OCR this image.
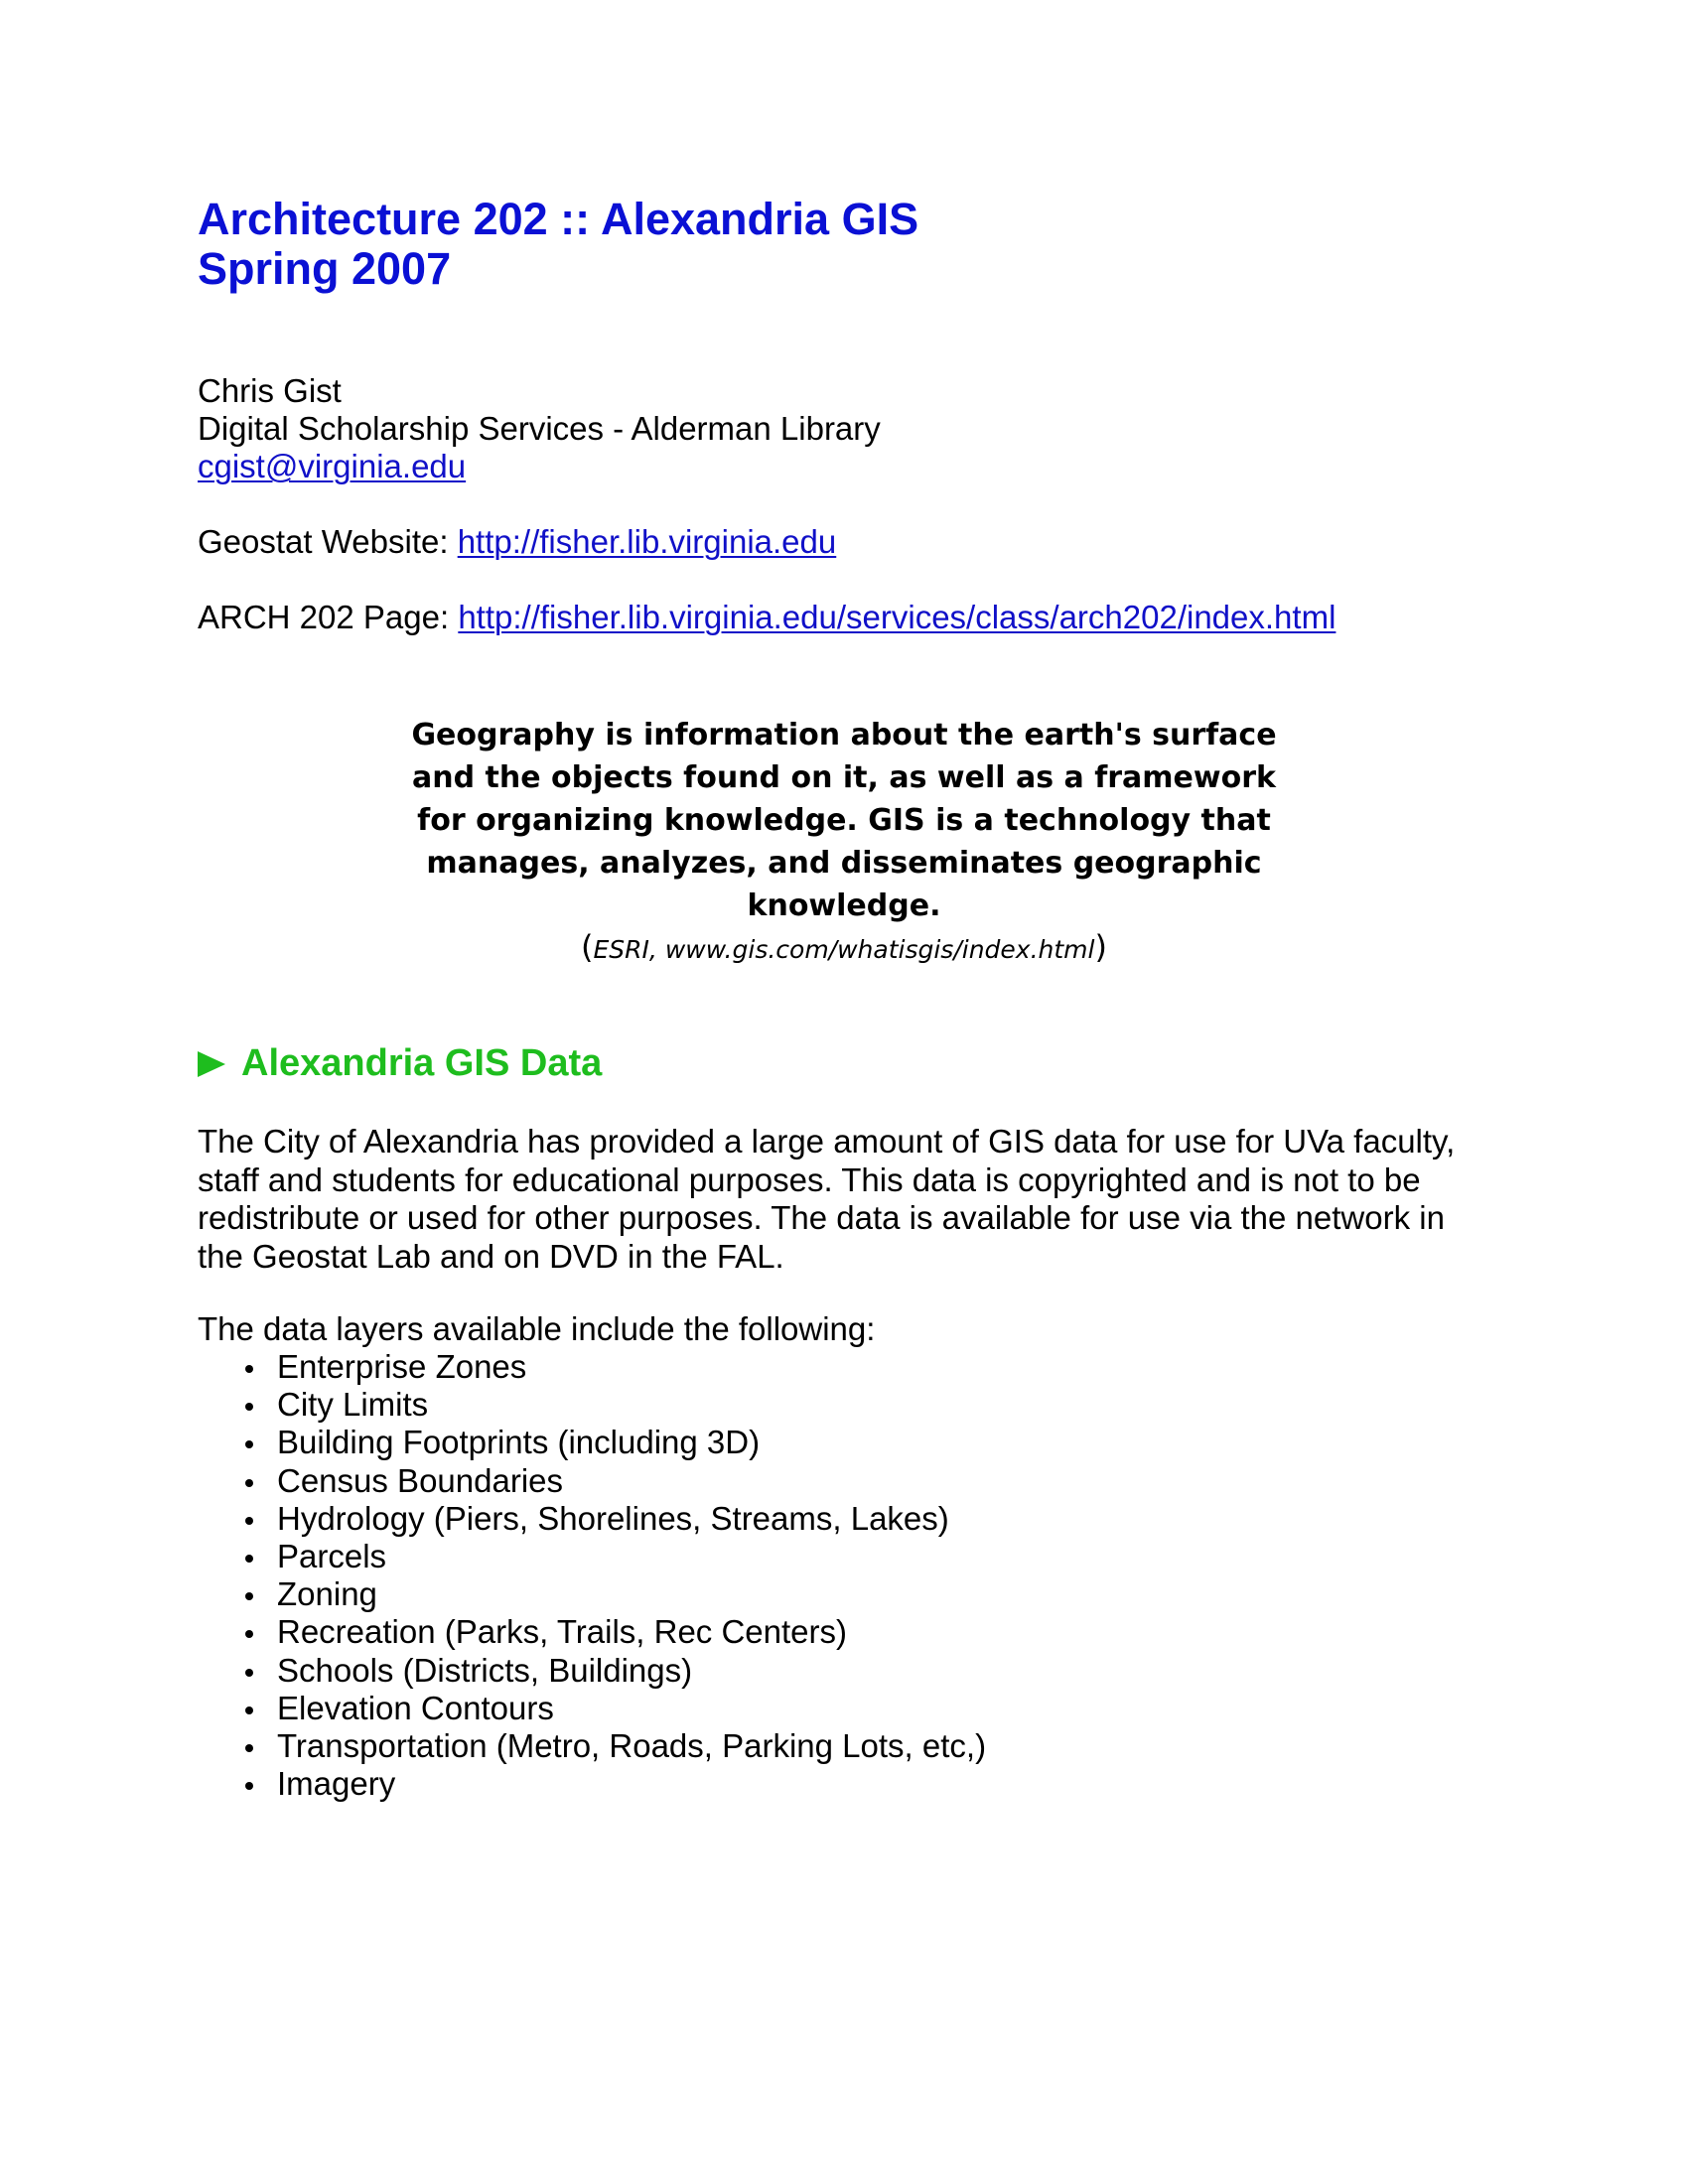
Architecture 202 :: Alexandria GIS
Spring 2007
Chris Gist
Digital Scholarship Services - Alderman Library
cgist@virginia.edu
Geostat Website: http://fisher.lib.virginia.edu
ARCH 202 Page: http://fisher.lib.virginia.edu/services/class/arch202/index.html
Geography is information about the earth's surface and the objects found on it, as well as a framework for organizing knowledge. GIS is a technology that manages, analyzes, and disseminates geographic knowledge.
(ESRI, www.gis.com/whatisgis/index.html)
Alexandria GIS Data
The City of Alexandria has provided a large amount of GIS data for use for UVa faculty, staff and students for educational purposes. This data is copyrighted and is not to be redistribute or used for other purposes. The data is available for use via the network in the Geostat Lab and on DVD in the FAL.
The data layers available include the following:
Enterprise Zones
City Limits
Building Footprints (including 3D)
Census Boundaries
Hydrology (Piers, Shorelines, Streams, Lakes)
Parcels
Zoning
Recreation (Parks, Trails, Rec Centers)
Schools (Districts, Buildings)
Elevation Contours
Transportation (Metro, Roads, Parking Lots, etc,)
Imagery
